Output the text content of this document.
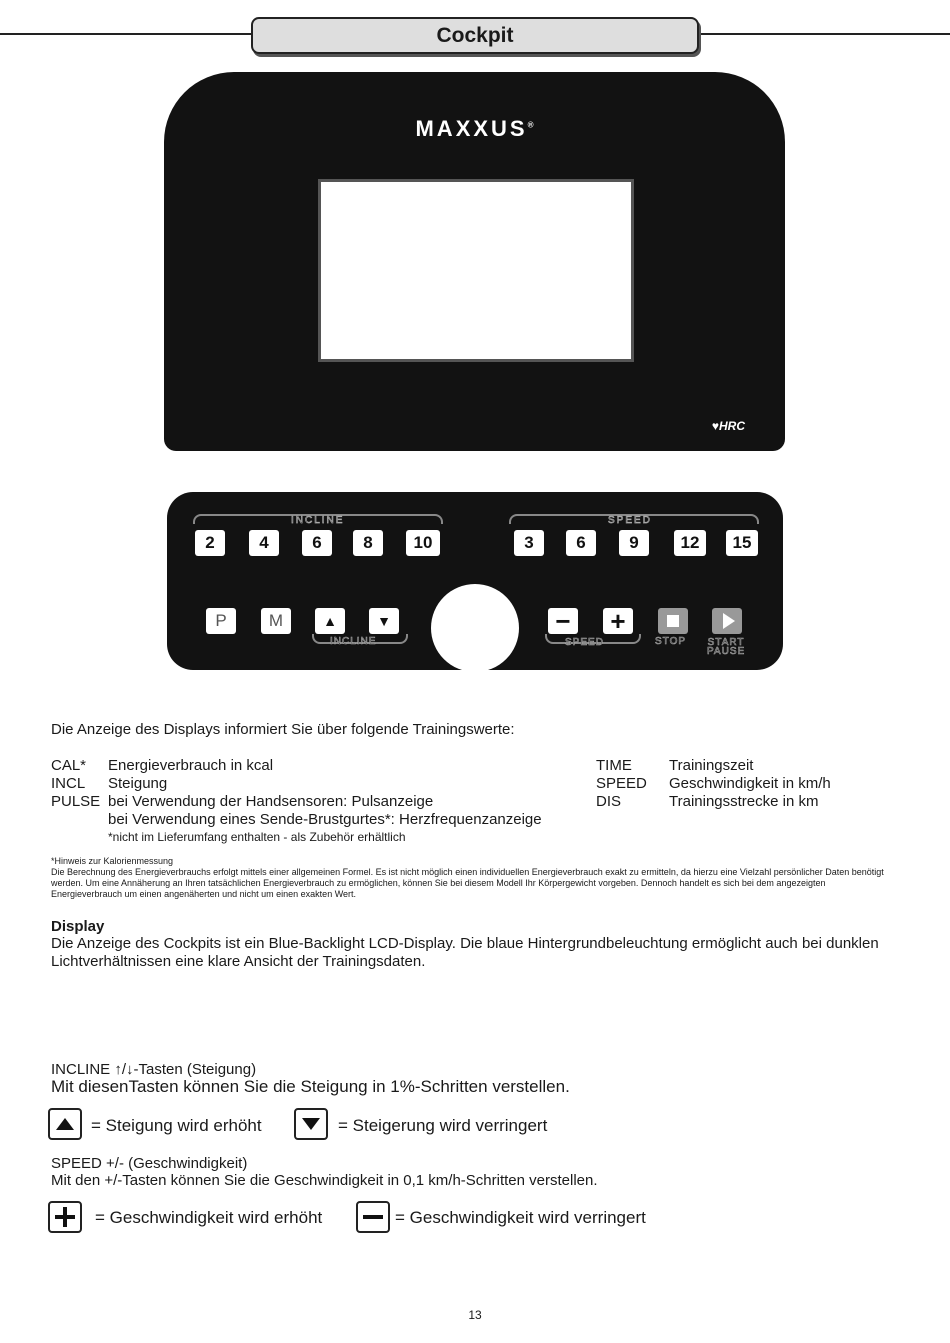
Cockpit
MAXXUS®
♥HRC
INCLINE	SPEED
2	4	6	8	10	3	6	9	12	15
P	M	▲	▼
INCLINE
− +
SPEED	STOP START
PAUSE
Die Anzeige des Displays informiert Sie über folgende Trainingswerte:
CAL* Energieverbrauch in kcal
INCL Steigung
PULSE bei Verwendung der Handsensoren: Pulsanzeige
bei Verwendung eines Sende-Brustgurtes*: Herzfrequenzanzeige
*nicht im Lieferumfang enthalten - als Zubehör erhältlich
TIME Trainingszeit
SPEED Geschwindigkeit in km/h
DIS	Trainingsstrecke in km
*Hinweis zur Kalorienmessung
Die Berechnung des Energieverbrauchs erfolgt mittels einer allgemeinen Formel. Es ist nicht möglich einen individuellen Energieverbrauch exakt zu ermitteln, da hierzu eine Vielzahl persönlicher Daten benötigt werden. Um eine Annäherung an Ihren tatsächlichen Energieverbrauch zu ermöglichen, können Sie bei diesem Modell Ihr Körpergewicht vorgeben. Dennoch handelt es sich bei dem angezeigten Energieverbrauch um einen angenäherten und nicht um einen exakten Wert.
Display
Die Anzeige des Cockpits ist ein Blue-Backlight LCD-Display. Die blaue Hintergrundbeleuchtung ermöglicht auch bei dunklen Lichtverhältnissen eine klare Ansicht der Trainingsdaten.
INCLINE ↑/↓-Tasten (Steigung)
Mit diesenTasten können Sie die Steigung in 1%-Schritten verstellen.
= Steigung wird erhöht	= Steigerung wird verringert
SPEED +/- (Geschwindigkeit)
Mit den +/-Tasten können Sie die Geschwindigkeit in 0,1 km/h-Schritten verstellen.
= Geschwindigkeit wird erhöht	= Geschwindigkeit wird verringert
13
